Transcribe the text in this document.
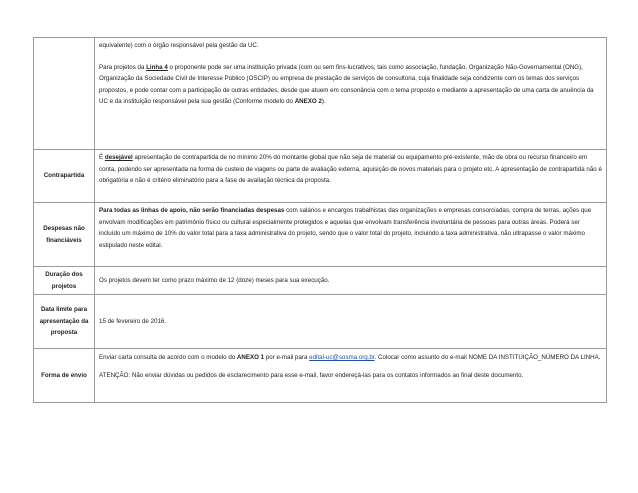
	equivalente) com o órgão responsável pela gestão da UC.

Para projetos da Linha 4 o proponente pode ser uma instituição privada (com ou sem fins-lucrativos, tais como associação, fundação, Organização Não-Governamental (ONG), Organização da Sociedade Civil de Interesse Público (OSCIP) ou empresa de prestação de serviços de consultoria, cuja finalidade seja condizente com os temas dos serviços propostos, e pode contar com a participação de outras entidades, desde que atuem em consonância com o tema proposto e mediante a apresentação de uma carta de anuência da UC e da instituição responsável pela sua gestão (Conforme modelo do ANEXO 2).

Contrapartida	É desejável apresentação de contrapartida de no mínimo 20% do montante global que não seja de material ou equipamento pré-existente, mão de obra ou recurso financeiro em conta, podendo ser apresentada na forma de custeio de viagens ou parte de avaliação externa, aquisição de novos materiais para o projeto etc. A apresentação de contrapartida não é obrigatória e não é critério eliminatório para a fase de avaliação técnica da proposta.

Despesas não financiáveis	Para todas as linhas de apoio, não serão financiadas despesas com salários e encargos trabalhistas das organizações e empresas consorciadas, compra de terras, ações que envolvam modificações em patrimônio físico ou cultural especialmente protegidos e aquelas que envolvam transferência involuntária de pessoas para outras áreas. Poderá ser incluído um máximo de 10% do valor total para a taxa administrativa do projeto, sendo que o valor total do projeto, incluindo a taxa administrativa, não ultrapasse o valor máximo estipulado neste edital.

Duração dos projetos	Os projetos devem ter como prazo máximo de 12 (doze) meses para sua execução.

Data limite para apresentação da proposta	15 de fevereiro de 2016.

Forma de envio	Enviar carta consulta de acordo com o modelo do ANEXO 1 por e-mail para edital-uc@sosma.org.br. Colocar como assunto do e-mail NOME DA INSTITUIÇÃO_NÚMERO DA LINHA.

ATENÇÃO: Não enviar dúvidas ou pedidos de esclarecimento para esse e-mail, favor endereçá-las para os contatos informados ao final deste documento.
